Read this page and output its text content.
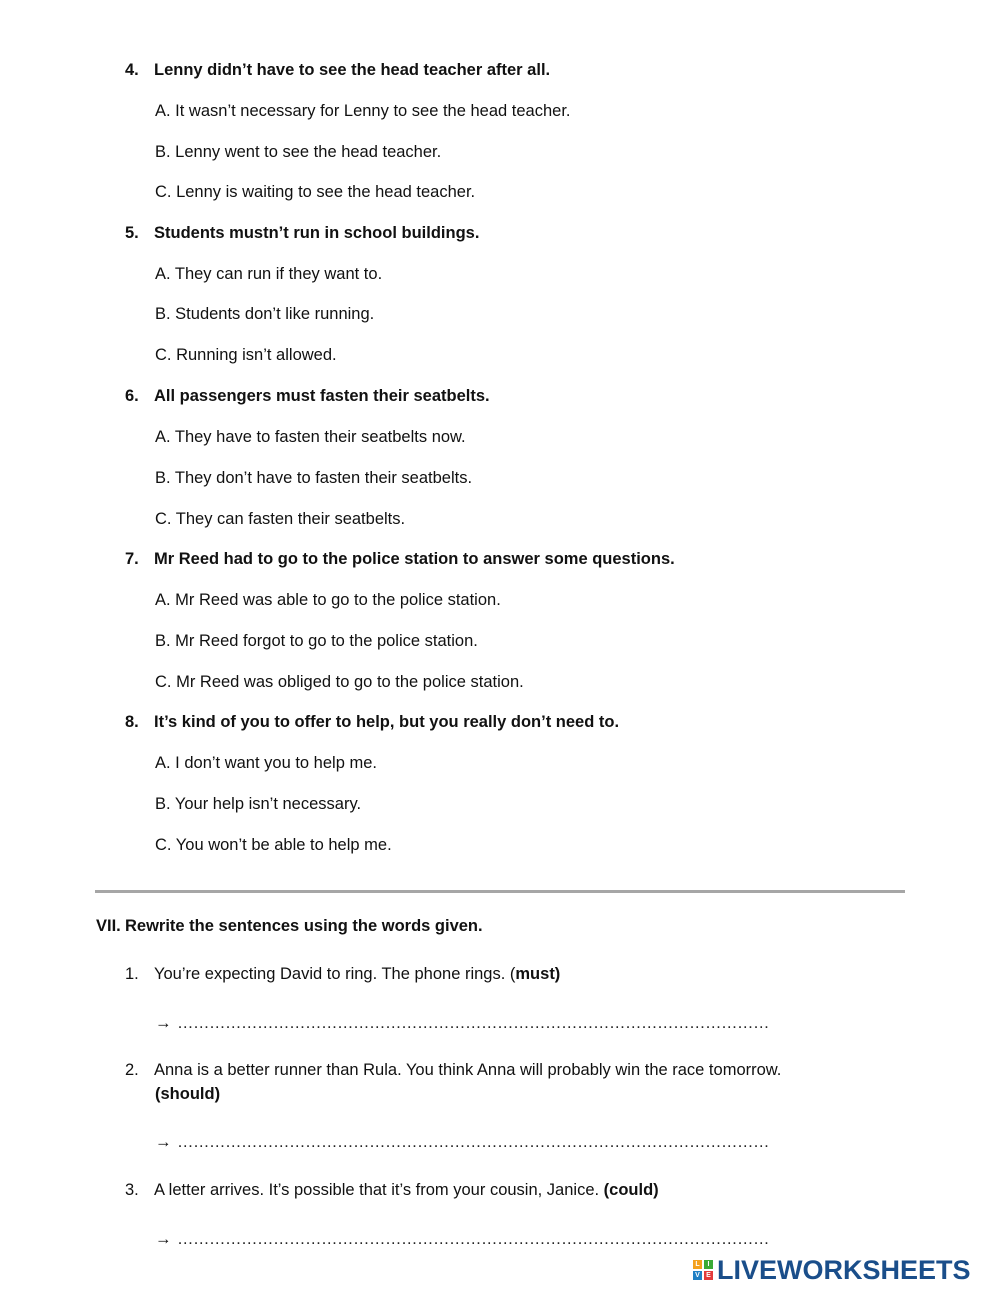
4. Lenny didn’t have to see the head teacher after all.
A. It wasn’t necessary for Lenny to see the head teacher.
B. Lenny went to see the head teacher.
C. Lenny is waiting to see the head teacher.
5. Students mustn’t run in school buildings.
A. They can run if they want to.
B. Students don’t like running.
C. Running isn’t allowed.
6. All passengers must fasten their seatbelts.
A. They have to fasten their seatbelts now.
B. They don’t have to fasten their seatbelts.
C. They can fasten their seatbelts.
7. Mr Reed had to go to the police station to answer some questions.
A. Mr Reed was able to go to the police station.
B. Mr Reed forgot to go to the police station.
C. Mr Reed was obliged to go to the police station.
8. It’s kind of you to offer to help, but you really don’t need to.
A. I don’t want you to help me.
B. Your help isn’t necessary.
C. You won’t be able to help me.
VII. Rewrite the sentences using the words given.
1. You’re expecting David to ring. The phone rings. (must)
→ …………………………………………………………………………………………………
2. Anna is a better runner than Rula. You think Anna will probably win the race tomorrow.
(should)
→ …………………………………………………………………………………………………
3. A letter arrives. It’s possible that it’s from your cousin, Janice. (could)
→ …………………………………………………………………………………………………
L	I
V E LIVEWORKSHEETS
